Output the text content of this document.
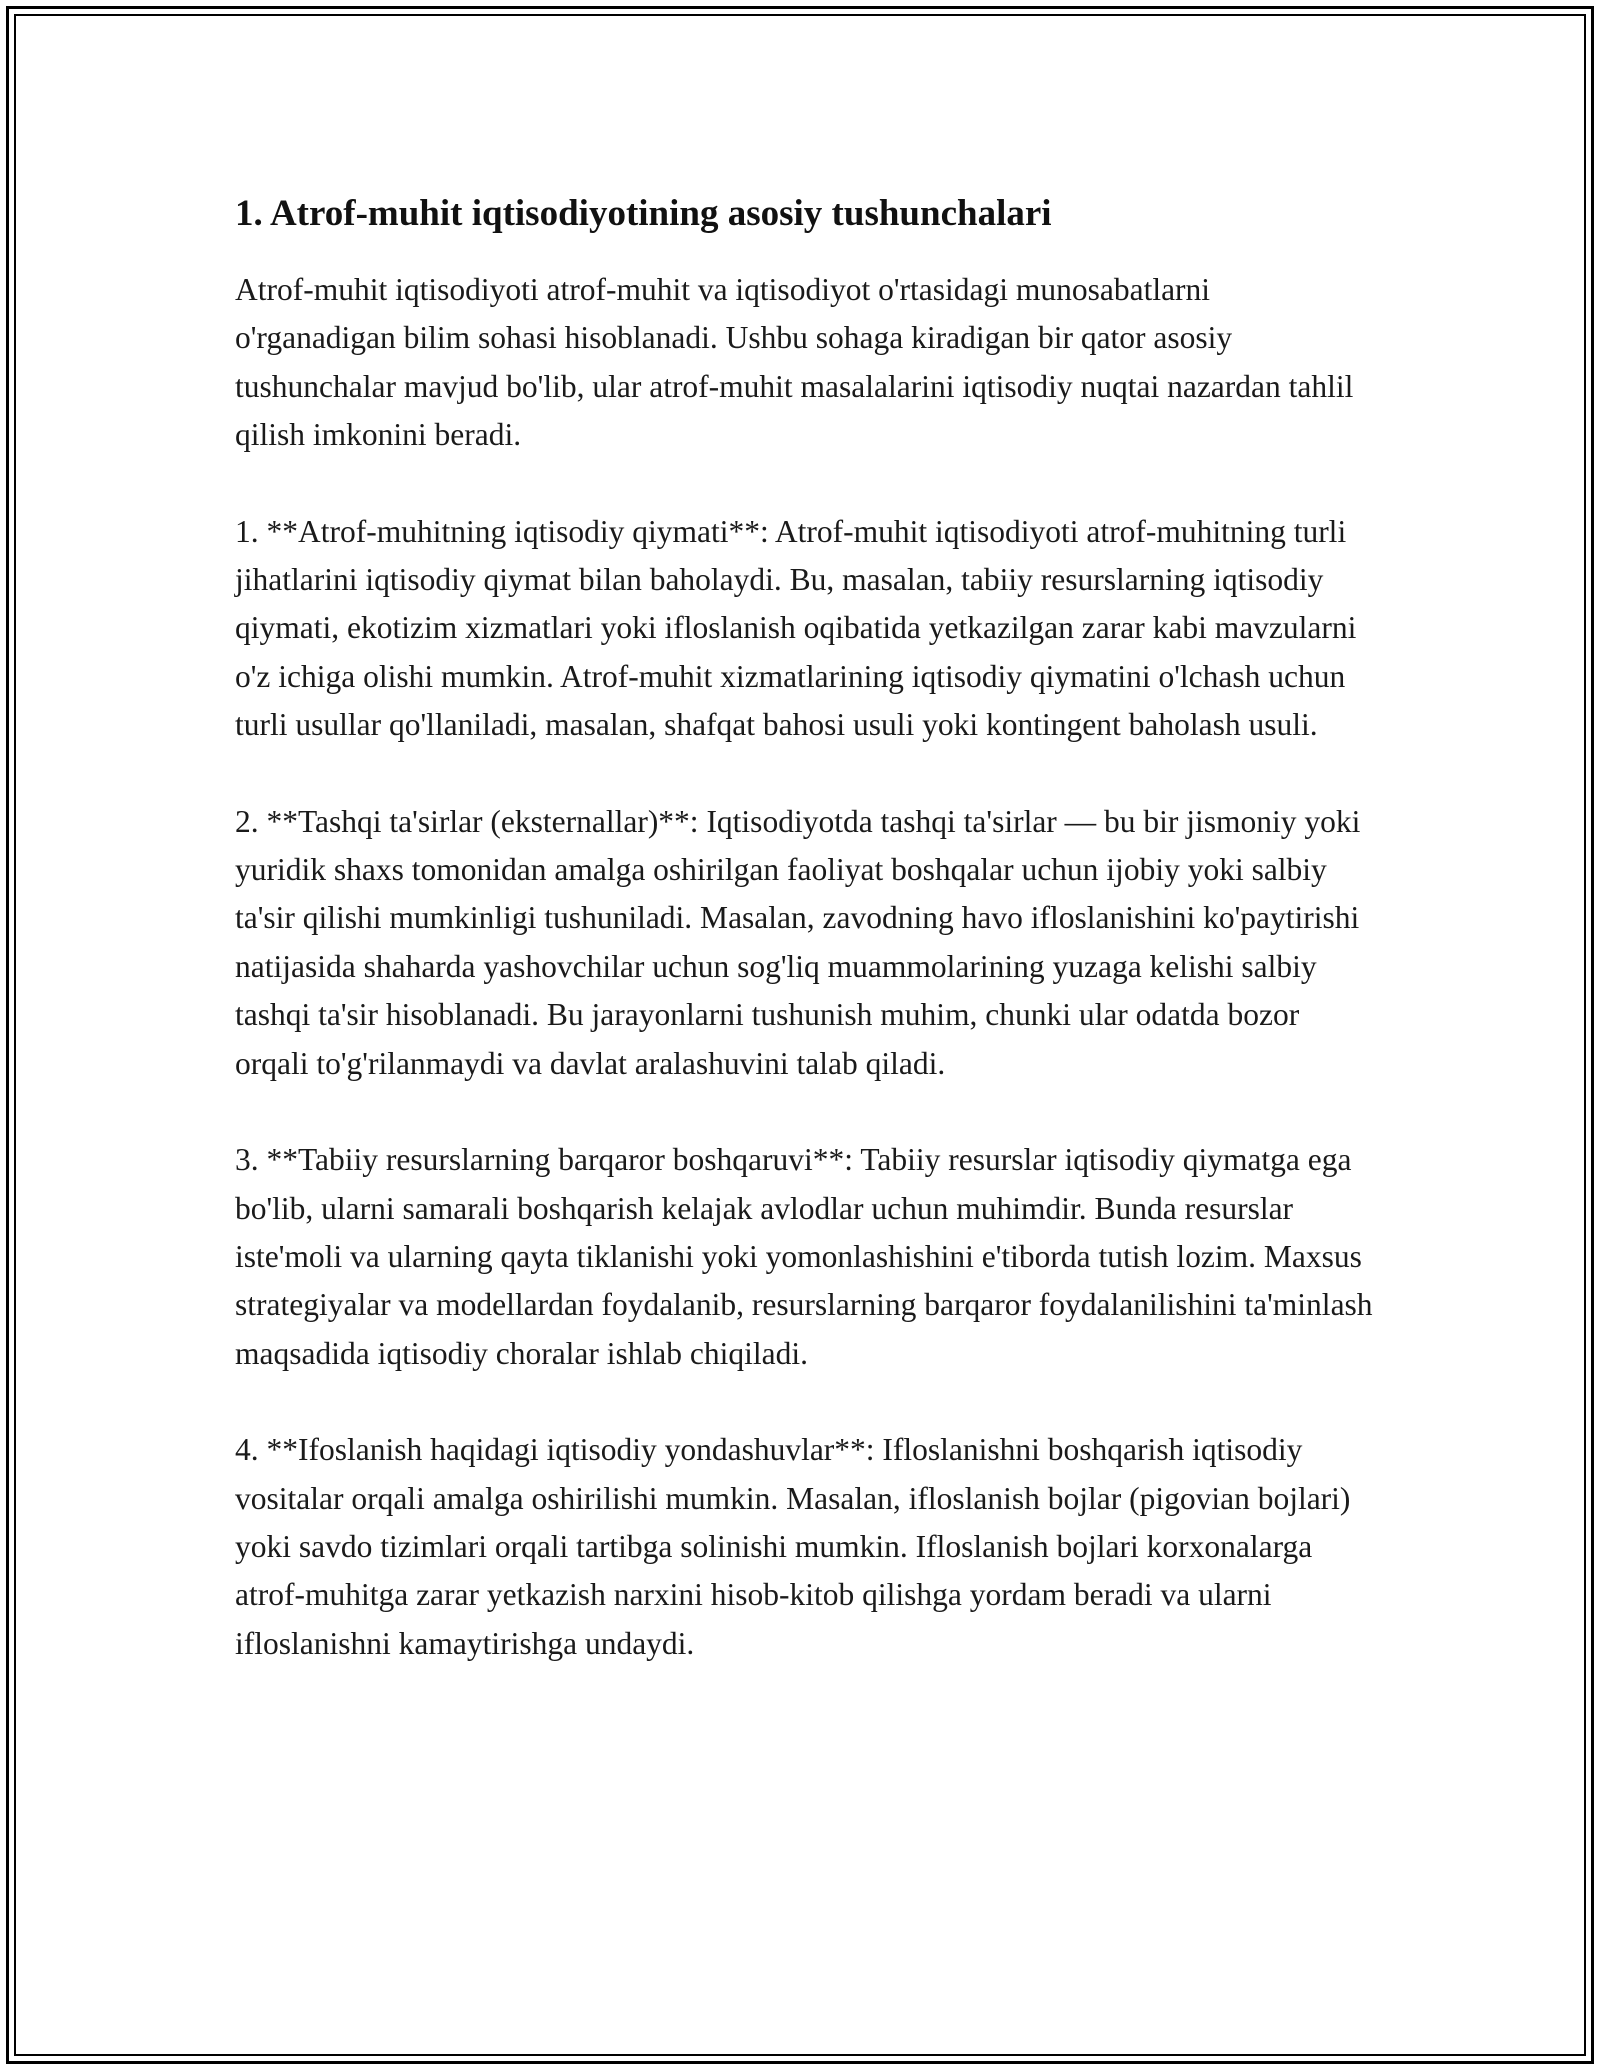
1. Atrof-muhit iqtisodiyotining asosiy tushunchalari

Atrof-muhit iqtisodiyoti atrof-muhit va iqtisodiyot o'rtasidagi munosabatlarni o'rganadigan bilim sohasi hisoblanadi. Ushbu sohaga kiradigan bir qator asosiy tushunchalar mavjud bo'lib, ular atrof-muhit masalalarini iqtisodiy nuqtai nazardan tahlil qilish imkonini beradi.

1. **Atrof-muhitning iqtisodiy qiymati**: Atrof-muhit iqtisodiyoti atrof-muhitning turli jihatlarini iqtisodiy qiymat bilan baholaydi. Bu, masalan, tabiiy resurslarning iqtisodiy qiymati, ekotizim xizmatlari yoki ifloslanish oqibatida yetkazilgan zarar kabi mavzularni o'z ichiga olishi mumkin. Atrof-muhit xizmatlarining iqtisodiy qiymatini o'lchash uchun turli usullar qo'llaniladi, masalan, shafqat bahosi usuli yoki kontingent baholash usuli.

2. **Tashqi ta'sirlar (eksternallar)**: Iqtisodiyotda tashqi ta'sirlar — bu bir jismoniy yoki yuridik shaxs tomonidan amalga oshirilgan faoliyat boshqalar uchun ijobiy yoki salbiy ta'sir qilishi mumkinligi tushuniladi. Masalan, zavodning havo ifloslanishini ko'paytirishi natijasida shaharda yashovchilar uchun sog'liq muammolarining yuzaga kelishi salbiy tashqi ta'sir hisoblanadi. Bu jarayonlarni tushunish muhim, chunki ular odatda bozor orqali to'g'rilanmaydi va davlat aralashuvini talab qiladi.

3. **Tabiiy resurslarning barqaror boshqaruvi**: Tabiiy resurslar iqtisodiy qiymatga ega bo'lib, ularni samarali boshqarish kelajak avlodlar uchun muhimdir. Bunda resurslar iste'moli va ularning qayta tiklanishi yoki yomonlashishini e'tiborda tutish lozim. Maxsus strategiyalar va modellardan foydalanib, resurslarning barqaror foydalanilishini ta'minlash maqsadida iqtisodiy choralar ishlab chiqiladi.

4. **Ifoslanish haqidagi iqtisodiy yondashuvlar**: Ifloslanishni boshqarish iqtisodiy vositalar orqali amalga oshirilishi mumkin. Masalan, ifloslanish bojlar (pigovian bojlari) yoki savdo tizimlari orqali tartibga solinishi mumkin. Ifloslanish bojlari korxonalarga atrof-muhitga zarar yetkazish narxini hisob-kitob qilishga yordam beradi va ularni ifloslanishni kamaytirishga undaydi.
